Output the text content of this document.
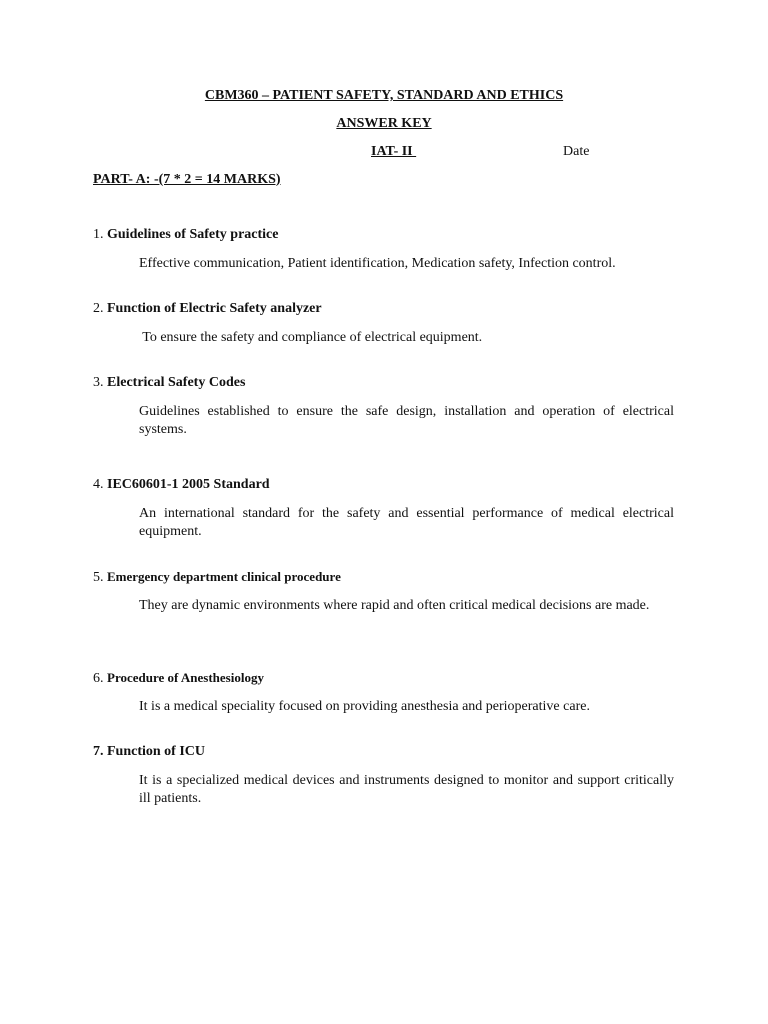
CBM360 – PATIENT SAFETY, STANDARD AND ETHICS
ANSWER KEY
IAT- II	Date
PART- A: -(7 * 2 = 14 MARKS)
1. Guidelines of Safety practice
Effective communication, Patient identification, Medication safety, Infection control.
2. Function of Electric Safety analyzer
To ensure the safety and compliance of electrical equipment.
3. Electrical Safety Codes
Guidelines established to ensure the safe design, installation and operation of electrical systems.
4. IEC60601-1 2005 Standard
An international standard for the safety and essential performance of medical electrical equipment.
5. Emergency department clinical procedure
They are dynamic environments where rapid and often critical medical decisions are made.
6. Procedure of Anesthesiology
It is a medical speciality focused on providing anesthesia and perioperative care.
7. Function of ICU
It is a specialized medical devices and instruments designed to monitor and support critically ill patients.
